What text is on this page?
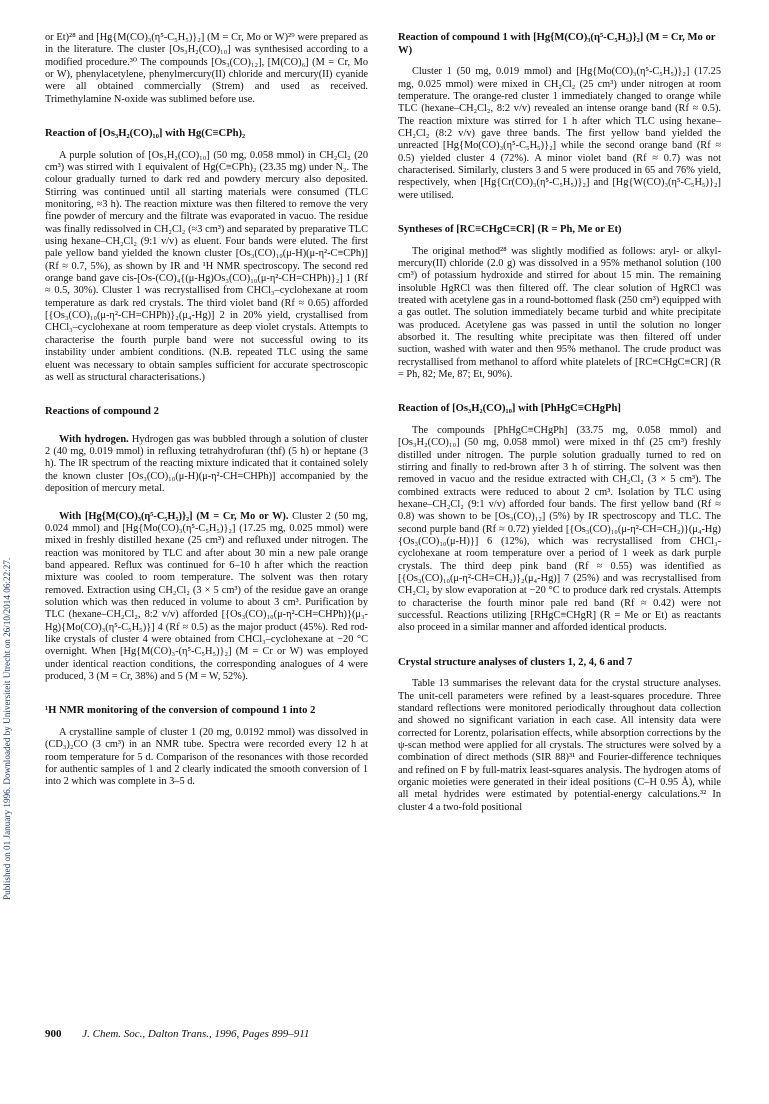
Published on 01 January 1996. Downloaded by Universiteit Utrecht on 26/10/2014 06:22:27.

or Et)²⁸ and [Hg{M(CO)₃(η⁵-C₅H₅)}₂] (M = Cr, Mo or W)²⁹ were prepared as in the literature. The cluster [Os₃H₂(CO)₁₀] was synthesised according to a modified procedure.³⁰ The compounds [Os₃(CO)₁₂], [M(CO)₆] (M = Cr, Mo or W), phenylacetylene, phenylmercury(II) chloride and mercury(II) cyanide were all obtained commercially (Strem) and used as received. Trimethylamine N-oxide was sublimed before use.

Reaction of [Os₃H₂(CO)₁₀] with Hg(C≡CPh)₂

A purple solution of [Os₃H₂(CO)₁₀] (50 mg, 0.058 mmol) in CH₂Cl₂ (20 cm³) was stirred with 1 equivalent of Hg(C≡CPh)₂ (23.35 mg) under N₂. The colour gradually turned to dark red and powdery mercury also deposited. Stirring was continued until all starting materials were consumed (TLC monitoring, ≈3 h). The reaction mixture was then filtered to remove the very fine powder of mercury and the filtrate was evaporated in vacuo. The residue was finally redissolved in CH₂Cl₂ (≈3 cm³) and separated by preparative TLC using hexane–CH₂Cl₂ (9:1 v/v) as eluent. Four bands were eluted. The first pale yellow band yielded the known cluster [Os₃(CO)₁₀(μ-H)(μ-η²-C≡CPh)] (Rf ≈ 0.7, 5%), as shown by IR and ¹H NMR spectroscopy. The second red orange band gave cis-[Os-(CO)₄{(μ-Hg)Os₃(CO)₁₀(μ-η²-CH=CHPh)}₂] 1 (Rf ≈ 0.5, 30%). Cluster 1 was recrystallised from CHCl₃–cyclohexane at room temperature as dark red crystals. The third violet band (Rf ≈ 0.65) afforded [{Os₃(CO)₁₀(μ-η²-CH=CHPh)}₂(μ₄-Hg)] 2 in 20% yield, crystallised from CHCl₃–cyclohexane at room temperature as deep violet crystals. Attempts to characterise the fourth purple band were not successful owing to its instability under ambient conditions. (N.B. repeated TLC using the same eluent was necessary to obtain samples sufficient for accurate spectroscopic as well as structural characterisations.)

Reactions of compound 2

With hydrogen. Hydrogen gas was bubbled through a solution of cluster 2 (40 mg, 0.019 mmol) in refluxing tetrahydrofuran (thf) (5 h) or heptane (3 h). The IR spectrum of the reacting mixture indicated that it contained solely the known cluster [Os₃(CO)₁₀(μ-H)(μ-η²-CH=CHPh)] accompanied by the deposition of mercury metal.

With [Hg{M(CO)₃(η⁵-C₅H₅)}₂] (M = Cr, Mo or W). Cluster 2 (50 mg, 0.024 mmol) and [Hg{Mo(CO)₃(η⁵-C₅H₅)}₂] (17.25 mg, 0.025 mmol) were mixed in freshly distilled hexane (25 cm³) and refluxed under nitrogen. The reaction was monitored by TLC and after about 30 min a new pale orange band appeared. Reflux was continued for 6–10 h after which the reaction mixture was cooled to room temperature. The solvent was then rotary removed. Extraction using CH₂Cl₂ (3 × 5 cm³) of the residue gave an orange solution which was then reduced in volume to about 3 cm³. Purification by TLC (hexane–CH₂Cl₂, 8:2 v/v) afforded [{Os₃(CO)₁₀(μ-η²-CH=CHPh)}(μ₃-Hg){Mo(CO)₃(η⁵-C₅H₅)}] 4 (Rf ≈ 0.5) as the major product (45%). Red rod-like crystals of cluster 4 were obtained from CHCl₃–cyclohexane at −20 °C overnight. When [Hg{M(CO)₃-(η⁵-C₅H₅)}₂] (M = Cr or W) was employed under identical reaction conditions, the corresponding analogues of 4 were produced, 3 (M = Cr, 38%) and 5 (M = W, 52%).

¹H NMR monitoring of the conversion of compound 1 into 2

A crystalline sample of cluster 1 (20 mg, 0.0192 mmol) was dissolved in (CD₃)₂CO (3 cm³) in an NMR tube. Spectra were recorded every 12 h at room temperature for 5 d. Comparison of the resonances with those recorded for authentic samples of 1 and 2 clearly indicated the smooth conversion of 1 into 2 which was complete in 3–5 d.

Reaction of compound 1 with [Hg{M(CO)₃(η⁵-C₅H₅)}₂] (M = Cr, Mo or W)

Cluster 1 (50 mg, 0.019 mmol) and [Hg{Mo(CO)₃(η⁵-C₅H₅)}₂] (17.25 mg, 0.025 mmol) were mixed in CH₂Cl₂ (25 cm³) under nitrogen at room temperature. The orange-red cluster 1 immediately changed to orange while TLC (hexane–CH₂Cl₂, 8:2 v/v) revealed an intense orange band (Rf ≈ 0.5). The reaction mixture was stirred for 1 h after which TLC using hexane–CH₂Cl₂ (8:2 v/v) gave three bands. The first yellow band yielded the unreacted [Hg{Mo(CO)₃(η⁵-C₅H₅)}₂] while the second orange band (Rf ≈ 0.5) yielded cluster 4 (72%). A minor violet band (Rf ≈ 0.7) was not characterised. Similarly, clusters 3 and 5 were produced in 65 and 76% yield, respectively, when [Hg{Cr(CO)₃(η⁵-C₅H₅)}₂] and [Hg{W(CO)₃(η⁵-C₅H₅)}₂] were utilised.

Syntheses of [RC≡CHgC≡CR] (R = Ph, Me or Et)

The original method²⁸ was slightly modified as follows: aryl- or alkyl-mercury(II) chloride (2.0 g) was dissolved in a 95% methanol solution (100 cm³) of potassium hydroxide and stirred for about 15 min. The remaining insoluble HgRCl was then filtered off. The clear solution of HgRCl was treated with acetylene gas in a round-bottomed flask (250 cm³) equipped with a gas outlet. The solution immediately became turbid and white precipitate was produced. Acetylene gas was passed in until the solution no longer absorbed it. The resulting white precipitate was then filtered off under suction, washed with water and then 95% methanol. The crude product was recrystallised from methanol to afford white platelets of [RC≡CHgC≡CR] (R = Ph, 82; Me, 87; Et, 90%).

Reaction of [Os₃H₂(CO)₁₀] with [PhHgC≡CHgPh]

The compounds [PhHgC≡CHgPh] (33.75 mg, 0.058 mmol) and [Os₃H₂(CO)₁₀] (50 mg, 0.058 mmol) were mixed in thf (25 cm³) freshly distilled under nitrogen. The purple solution gradually turned to red on stirring and finally to red-brown after 3 h of stirring. The solvent was then removed in vacuo and the residue extracted with CH₂Cl₂ (3 × 5 cm³). The combined extracts were reduced to about 2 cm³. Isolation by TLC using hexane–CH₂Cl₂ (9:1 v/v) afforded four bands. The first yellow band (Rf ≈ 0.8) was shown to be [Os₃(CO)₁₂] (5%) by IR spectroscopy and TLC. The second purple band (Rf ≈ 0.72) yielded [{Os₃(CO)₁₀(μ-η²-CH=CH₂)}(μ₄-Hg){Os₃(CO)₁₀(μ-H)}] 6 (12%), which was recrystallised from CHCl₃-cyclohexane at room temperature over a period of 1 week as dark purple crystals. The third deep pink band (Rf ≈ 0.55) was identified as [{Os₃(CO)₁₀(μ-η²-CH=CH₂)}₂(μ₄-Hg)] 7 (25%) and was recrystallised from CH₂Cl₂ by slow evaporation at −20 °C to produce dark red crystals. Attempts to characterise the fourth minor pale red band (Rf ≈ 0.42) were not successful. Reactions utilizing [RHgC≡CHgR] (R = Me or Et) as reactants also proceed in a similar manner and afforded identical products.

Crystal structure analyses of clusters 1, 2, 4, 6 and 7

Table 13 summarises the relevant data for the crystal structure analyses. The unit-cell parameters were refined by a least-squares procedure. Three standard reflections were monitored periodically throughout data collection and showed no significant variation in each case. All intensity data were corrected for Lorentz, polarisation effects, while absorption corrections by the ψ-scan method were applied for all crystals. The structures were solved by a combination of direct methods (SIR 88)³¹ and Fourier-difference techniques and refined on F by full-matrix least-squares analysis. The hydrogen atoms of organic moieties were generated in their ideal positions (C–H 0.95 Å), while all metal hydrides were estimated by potential-energy calculations.³² In cluster 4 a two-fold positional

900 J. Chem. Soc., Dalton Trans., 1996, Pages 899–911
